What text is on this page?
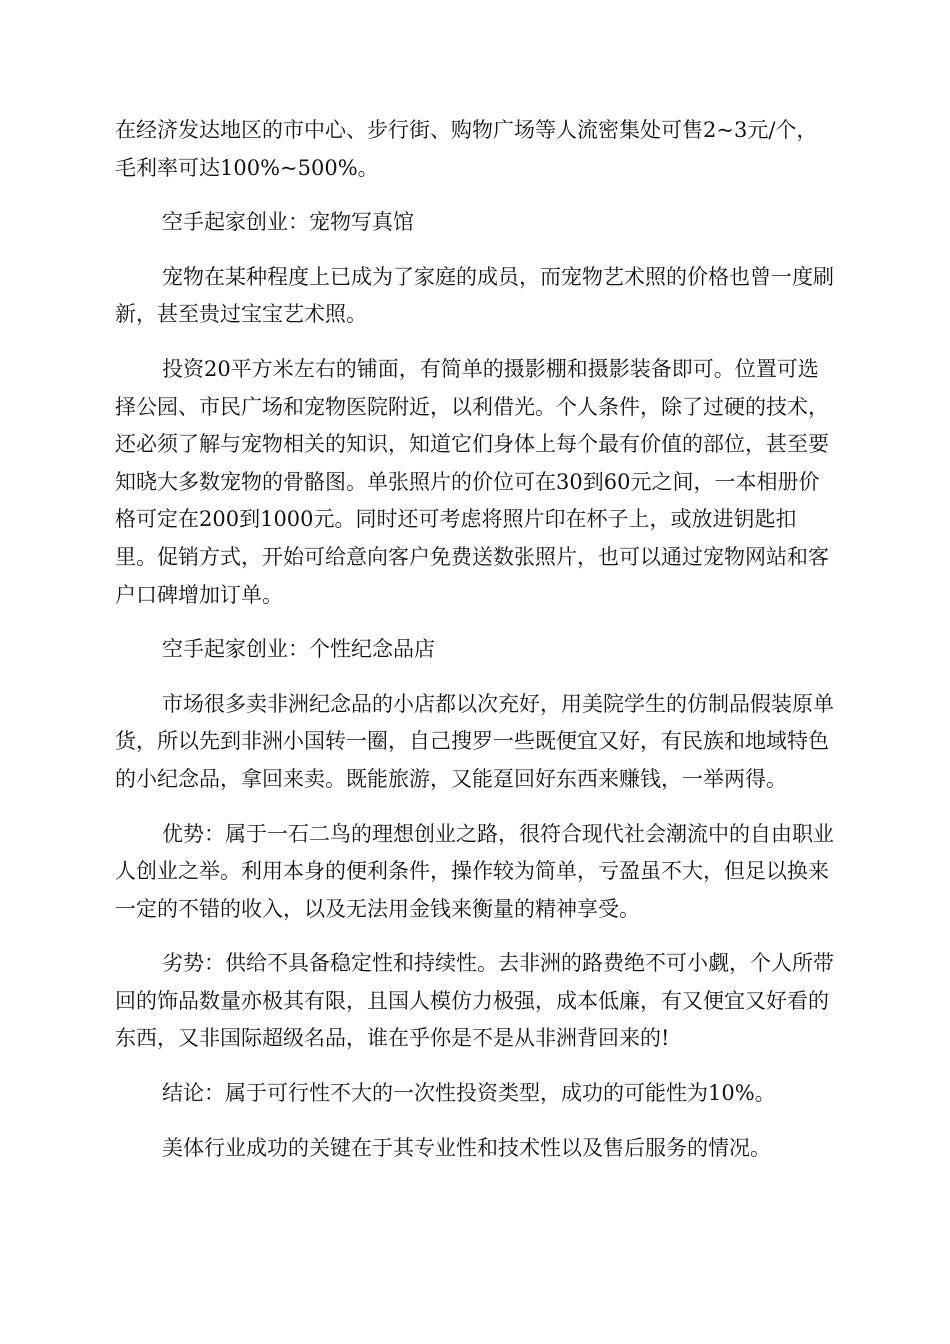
在经济发达地区的市中心、步行街、购物广场等人流密集处可售2~3元/个，毛利率可达100%~500%。

空手起家创业：宠物写真馆

宠物在某种程度上已成为了家庭的成员，而宠物艺术照的价格也曾一度刷新，甚至贵过宝宝艺术照。

投资20平方米左右的铺面，有简单的摄影棚和摄影装备即可。位置可选择公园、市民广场和宠物医院附近，以利借光。个人条件，除了过硬的技术，还必须了解与宠物相关的知识，知道它们身体上每个最有价值的部位，甚至要知晓大多数宠物的骨骼图。单张照片的价位可在30到60元之间，一本相册价格可定在200到1000元。同时还可考虑将照片印在杯子上，或放进钥匙扣里。促销方式，开始可给意向客户免费送数张照片，也可以通过宠物网站和客户口碑增加订单。

空手起家创业：个性纪念品店

市场很多卖非洲纪念品的小店都以次充好，用美院学生的仿制品假装原单货，所以先到非洲小国转一圈，自己搜罗一些既便宜又好，有民族和地域特色的小纪念品，拿回来卖。既能旅游，又能趸回好东西来赚钱，一举两得。

优势：属于一石二鸟的理想创业之路，很符合现代社会潮流中的自由职业人创业之举。利用本身的便利条件，操作较为简单，亏盈虽不大，但足以换来一定的不错的收入，以及无法用金钱来衡量的精神享受。

劣势：供给不具备稳定性和持续性。去非洲的路费绝不可小觑，个人所带回的饰品数量亦极其有限，且国人模仿力极强，成本低廉，有又便宜又好看的东西，又非国际超级名品，谁在乎你是不是从非洲背回来的!

结论：属于可行性不大的一次性投资类型，成功的可能性为10%。

美体行业成功的关键在于其专业性和技术性以及售后服务的情况。
